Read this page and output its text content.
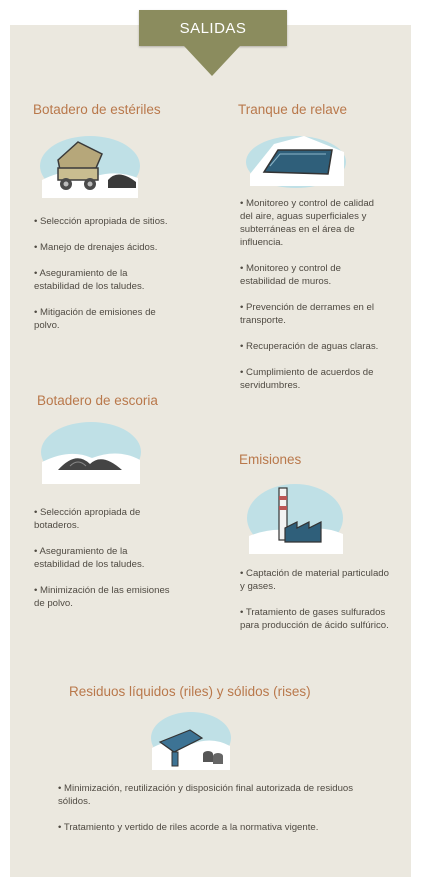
SALIDAS
Botadero de estériles
• Selección apropiada de sitios.
• Manejo de drenajes ácidos.
• Aseguramiento de la estabilidad de los taludes.
• Mitigación de emisiones de polvo.
Tranque de relave
• Monitoreo y control de calidad del aire, aguas superficiales y subterráneas en el área de influencia.
• Monitoreo y control de estabilidad de muros.
• Prevención de derrames en el transporte.
• Recuperación de aguas claras.
• Cumplimiento de acuerdos de servidumbres.
Botadero de escoria
• Selección apropiada de botaderos.
• Aseguramiento de la estabilidad de los taludes.
• Minimización de las emisiones de polvo.
Emisiones
• Captación de material particulado y gases.
• Tratamiento de gases sulfurados para producción de ácido sulfúrico.
Residuos líquidos (riles) y sólidos (rises)
• Minimización, reutilización y disposición final autorizada de residuos sólidos.
• Tratamiento y vertido de riles acorde a la normativa vigente.
